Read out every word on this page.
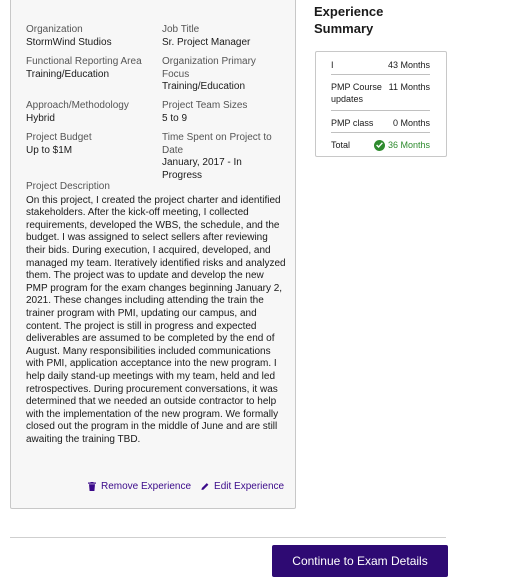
Organization
StormWind Studios
Job Title
Sr. Project Manager
Functional Reporting Area
Training/Education
Organization Primary Focus
Training/Education
Approach/Methodology
Hybrid
Project Team Sizes
5 to 9
Project Budget
Up to $1M
Time Spent on Project to Date
January, 2017 - In Progress
Project Description
On this project, I created the project charter and identified stakeholders. After the kick-off meeting, I collected requirements, developed the WBS, the schedule, and the budget. I was assigned to select sellers after reviewing their bids. During execution, I acquired, developed, and managed my team. Iteratively identified risks and analyzed them. The project was to update and develop the new PMP program for the exam changes beginning January 2, 2021. These changes including attending the train the trainer program with PMI, updating our campus, and content. The project is still in progress and expected deliverables are assumed to be completed by the end of August. Many responsibilities included communications with PMI, application acceptance into the new program. I help daily stand-up meetings with my team, held and led retrospectives. During procurement conversations, it was determined that we needed an outside contractor to help with the implementation of the new program. We formally closed out the program in the middle of June and are still awaiting the training TBD.
Remove Experience Edit Experience
Experience Summary
I	43 Months
PMP Course updates
11 Months
PMP class 0 Months
Total	36 Months
Continue to Exam Details
